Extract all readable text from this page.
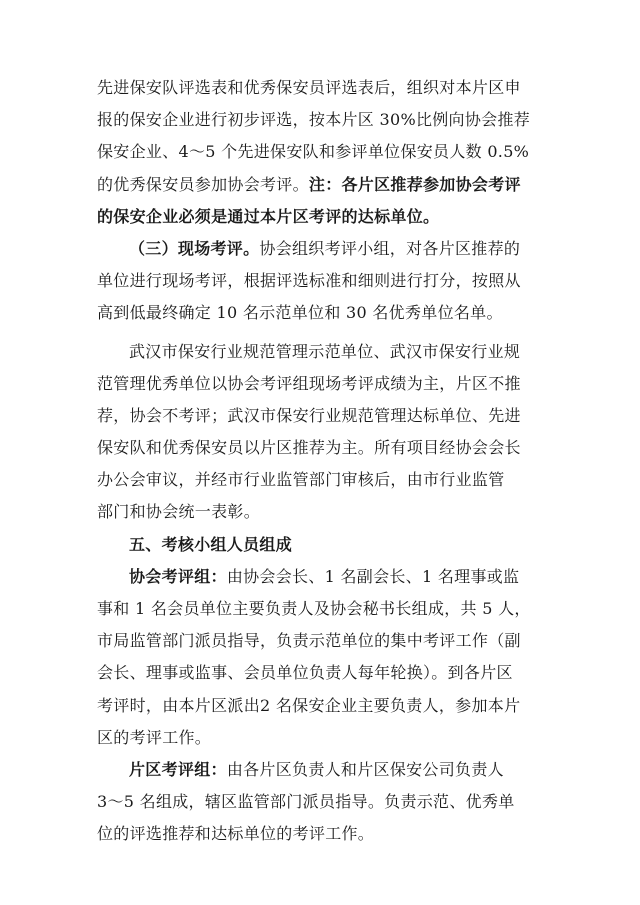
先进保安队评选表和优秀保安员评选表后，组织对本片区申
报的保安企业进行初步评选，按本片区 30%比例向协会推荐
保安企业、4～5 个先进保安队和参评单位保安员人数 0.5%
的优秀保安员参加协会考评。注：各片区推荐参加协会考评
的保安企业必须是通过本片区考评的达标单位。
（三）现场考评。协会组织考评小组，对各片区推荐的
单位进行现场考评，根据评选标准和细则进行打分，按照从
高到低最终确定 10 名示范单位和 30 名优秀单位名单。
武汉市保安行业规范管理示范单位、武汉市保安行业规
范管理优秀单位以协会考评组现场考评成绩为主，片区不推
荐，协会不考评；武汉市保安行业规范管理达标单位、先进
保安队和优秀保安员以片区推荐为主。所有项目经协会会长
办公会审议，并经市行业监管部门审核后，由市行业监管
部门和协会统一表彰。
五、考核小组人员组成
协会考评组：由协会会长、1 名副会长、1 名理事或监
事和 1 名会员单位主要负责人及协会秘书长组成，共 5 人，
市局监管部门派员指导，负责示范单位的集中考评工作（副
会长、理事或监事、会员单位负责人每年轮换）。到各片区
考评时，由本片区派出2 名保安企业主要负责人，参加本片
区的考评工作。
片区考评组：由各片区负责人和片区保安公司负责人
3～5 名组成，辖区监管部门派员指导。负责示范、优秀单
位的评选推荐和达标单位的考评工作。
